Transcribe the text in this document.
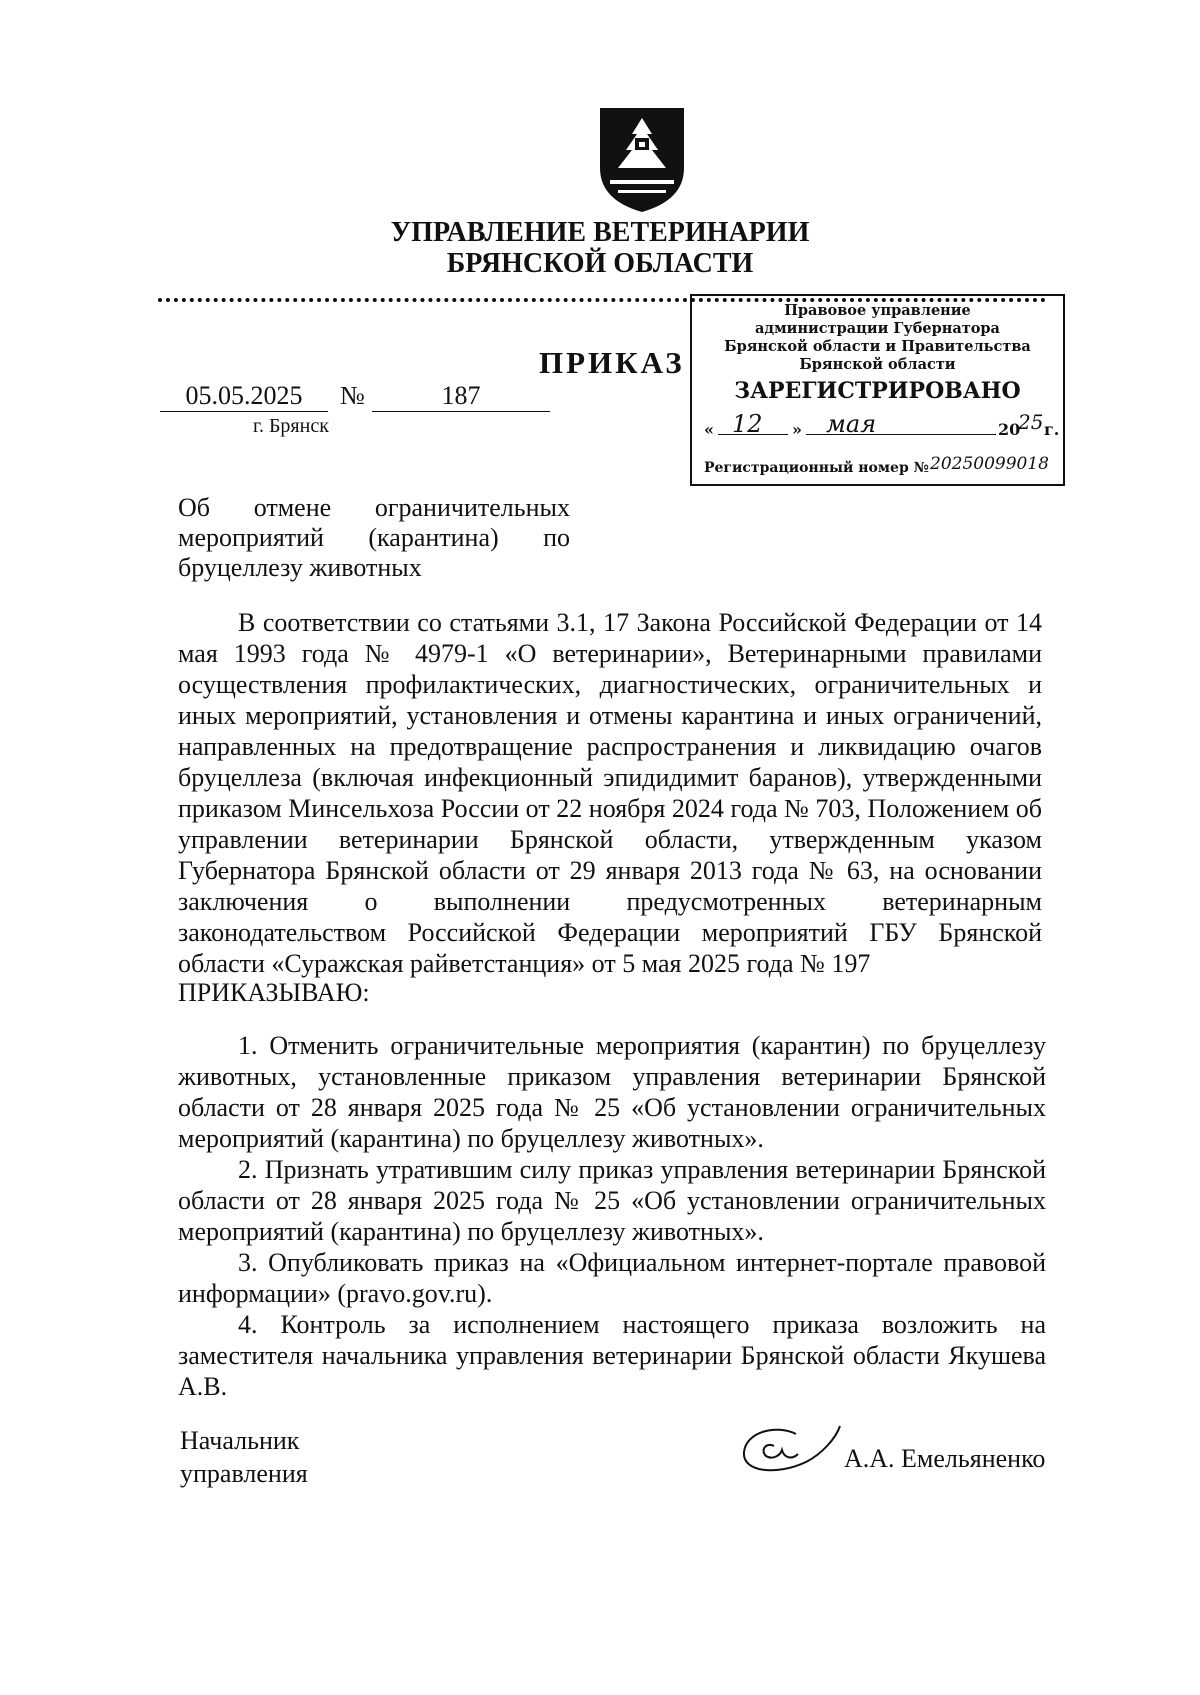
УПРАВЛЕНИЕ ВЕТЕРИНАРИИ
БРЯНСКОЙ ОБЛАСТИ
ПРИКАЗ
05.05.2025	№	187
г. Брянск
Правовое управление
администрации Губернатора
Брянской области и Правительства
Брянской области
ЗАРЕГИСТРИРОВАНО
« 12 » мая	20
25 г.
Регистрационный номер № 20250099018
Об отмене ограничительных мероприятий (карантина) по бруцеллезу животных

В соответствии со статьями 3.1, 17 Закона Российской Федерации от 14 мая 1993 года № 4979-1 «О ветеринарии», Ветеринарными правилами осуществления профилактических, диагностических, ограничительных и иных мероприятий, установления и отмены карантина и иных ограничений, направленных на предотвращение распространения и ликвидацию очагов бруцеллеза (включая инфекционный эпидидимит баранов), утвержденными приказом Минсельхоза России от 22 ноября 2024 года № 703, Положением об управлении ветеринарии Брянской области, утвержденным указом Губернатора Брянской области от 29 января 2013 года № 63, на основании заключения о выполнении предусмотренных ветеринарным законодательством Российской Федерации мероприятий ГБУ Брянской области «Суражская райветстанция» от 5 мая 2025 года № 197

ПРИКАЗЫВАЮ:

1. Отменить ограничительные мероприятия (карантин) по бруцеллезу животных, установленные приказом управления ветеринарии Брянской области от 28 января 2025 года № 25 «Об установлении ограничительных мероприятий (карантина) по бруцеллезу животных».

2. Признать утратившим силу приказ управления ветеринарии Брянской области от 28 января 2025 года № 25 «Об установлении ограничительных мероприятий (карантина) по бруцеллезу животных».

3. Опубликовать приказ на «Официальном интернет-портале правовой информации» (pravo.gov.ru).

4. Контроль за исполнением настоящего приказа возложить на заместителя начальника управления ветеринарии Брянской области Якушева А.В.

Начальник
управления
А.А. Емельяненко
